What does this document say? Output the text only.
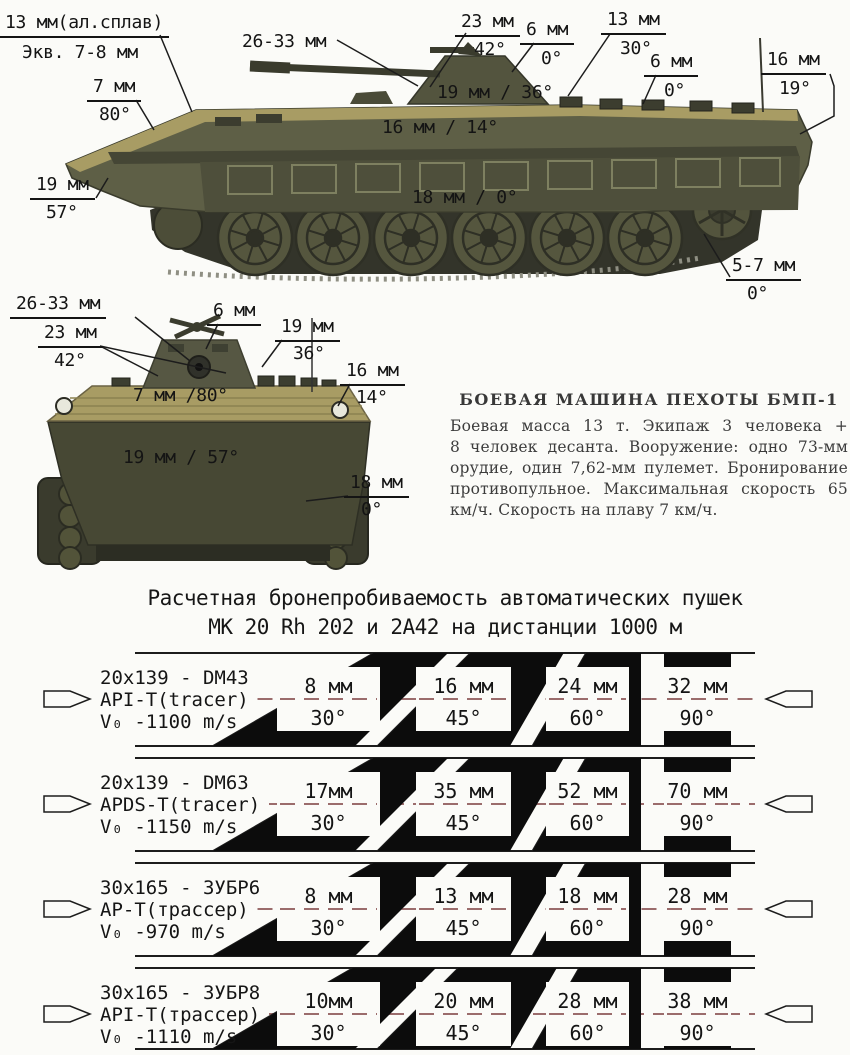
БОЕВАЯ МАШИНА ПЕХОТЫ БМП-1
Боевая масса 13 т. Экипаж 3 человека +
8 человек десанта. Вооружение: одно 73-мм
орудие, один 7,62-мм пулемет. Бронирование
противопульное. Максимальная скорость 65
км/ч. Скорость на плаву 7 км/ч.
Расчетная бронепробиваемость автоматических пушек
МК 20 Rh 202 и 2А42 на дистанции 1000 м
8 мм
30°
16 мм
45°
24 мм
60°
32 мм
90°
20x139 - DM43
API-T(tracer)
V₀ -1100 m/s
17мм
30°
35 мм
45°
52 мм
60°
70 мм
90°
20x139 - DM63
APDS-T(tracer)
V₀ -1150 m/s
8 мм
30°
13 мм
45°
18 мм
60°
28 мм
90°
30x165 - ЗУБР6
АР-Т(трассер)
V₀ -970 m/s
10мм
30°
20 мм
45°
28 мм
60°
38 мм
90°
30x165 - ЗУБР8
API-T(трассер)
V₀ -1110 m/s
13 мм(ал.сплав)
Экв. 7-8 мм
7 мм
80°
19 мм
57°
26-33 мм
23 мм
42°
6 мм
0°
13 мм
30°
6 мм
0°
16 мм
19°
19 мм / 36°
16 мм / 14°
18 мм / 0°
5-7 мм
0°
26-33 мм
23 мм
42°
6 мм
19 мм
36°
16 мм
14°
7 мм /80°
19 мм / 57°
18 мм
0°
